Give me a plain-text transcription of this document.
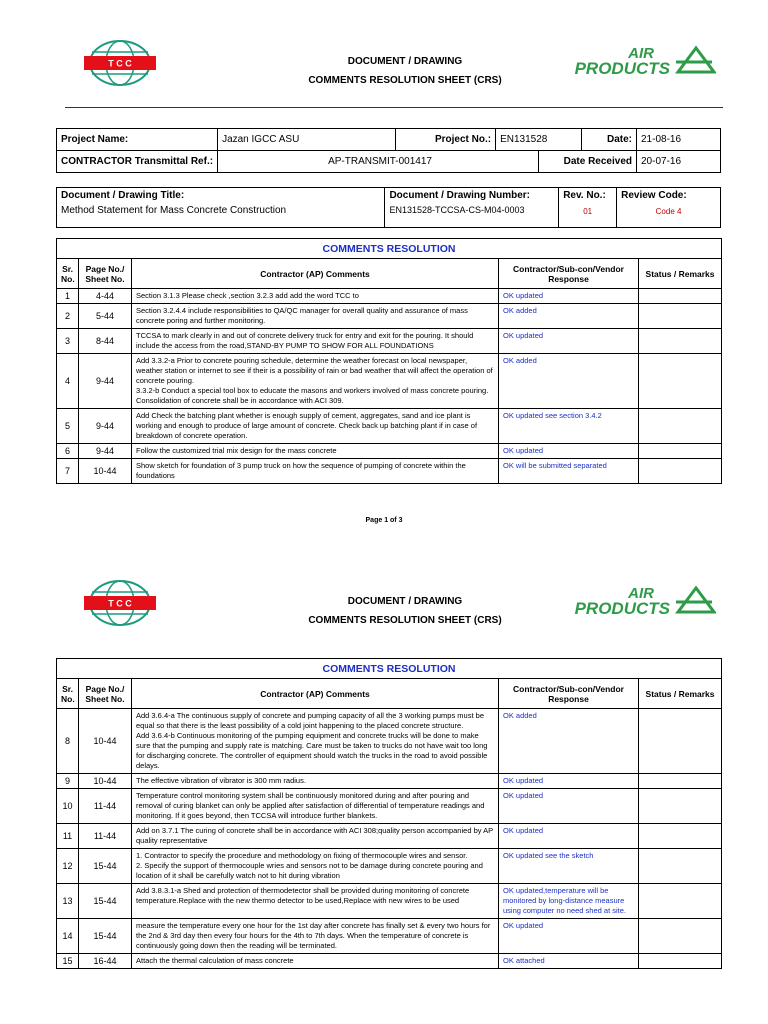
T C C
AIR
PRODUCTS
DOCUMENT / DRAWING
COMMENTS RESOLUTION SHEET (CRS)
Project Name:	Jazan IGCC ASU	Project No.:	EN131528		Date:	21-08-16
CONTRACTOR Transmittal Ref.:	AP-TRANSMIT-001417			Date Received		20-07-16
Document / Drawing Title:
Method Statement for Mass Concrete Construction

Document / Drawing Number:
EN131528-TCCSA-CS-M04-0003

Rev. No.:
01

Review Code:
Code 4
COMMENTS RESOLUTION				
Sr. No.	Page No./ Sheet No.	Contractor (AP) Comments	Contractor/Sub-con/Vendor Response	Status / Remarks
1	4-44	Section 3.1.3 Please check ,section 3.2.3 add add the word TCC to	OK updated	
2	5-44	Section 3.2.4.4 include responsibilities to QA/QC manager for overall quality and assurance of mass concrete poring and further monitoring.	OK added	
3	8-44	TCCSA to mark clearly in and out of concrete delivery truck for entry and exit for the pouring. It should include the access from the road,STAND-BY PUMP TO SHOW FOR ALL FOUNDATIONS	OK updated	
4	9-44	Add 3.3.2-a Prior to concrete pouring schedule, determine the weather forecast on local newspaper, weather station or internet to see if their is a possibility of rain or bad weather that will affect the operation of concrete pouring.

3.3.2-b Conduct a special tool box to educate the masons and workers involved of mass concrete pouring. Consolidation of concrete shall be in accordance with ACI 309.	OK added	
5	9-44	Add Check the batching plant whether is enough supply of cement, aggregates, sand and ice plant is working and enough to produce of large amount of concrete. Check back up batching plant if in case of breakdown of concrete operation.	OK updated see section 3.4.2	
6	9-44	Follow the customized trial mix design for the mass concrete	OK updated	
7	10-44	Show sketch for foundation of 3 pump truck on how the sequence of pumping of concrete within the foundations	OK will be submitted separated	
Page 1 of 3
T C C
AIR
PRODUCTS
DOCUMENT / DRAWING
COMMENTS RESOLUTION SHEET (CRS)
COMMENTS RESOLUTION				
Sr. No.	Page No./ Sheet No.	Contractor (AP) Comments	Contractor/Sub-con/Vendor Response	Status / Remarks
8	10-44	Add 3.6.4-a The continuous supply of concrete and pumping capacity of all the 3 working pumps must be equal so that there is the least possibility of a cold joint happening to the placed concrete structure.

Add 3.6.4-b Continuous monitoring of the pumping equipment and concrete trucks will be done to make sure that the pumping and supply rate is matching. Care must be taken to trucks do not have wait too long for discharging concrete. The controller of equipment should watch the trucks in the road to avoid possible delays.	OK added	
9	10-44	The effective vibration of vibrator is 300 mm radius.	OK updated	
10	11-44	Temperature control monitoring system shall be continuously monitored during and after pouring and removal of curing blanket can only be applied after satisfaction of differential of temperature readings and monitoring. If it goes beyond, then TCCSA will introduce further blankets.	OK updated	
11	11-44	Add on 3.7.1 The curing of concrete shall be in accordance with ACI 308;quality person accompanied by AP quality representative	OK updated	
12	15-44	1. Contractor to specify the procedure and methodology on fixing of thermocouple wires and sensor.

2. Specify the support of thermocouple wries and sensors not to be damage during concrete pouring and location of it shall be carefully watch not to hit during vibration	OK updated see the sketch	
13	15-44	Add 3.8.3.1-a Shed and protection of thermodetector shall be provided during monitoring of concrete temperature.Replace with the new thermo detector to be used,Replace with new wires to be used	OK updated,temperature will be monitored by long-distance measure using computer no need shed at site.	
14	15-44	measure the temperature every one hour for the 1st day after concrete has finally set & every two hours for the 2nd & 3rd day then every four hours for the 4th to 7th days. When the temperature of concrete is continuously going down then the reading will be terminated.	OK updated	
15	16-44	Attach the thermal calculation of mass concrete	OK attached	
